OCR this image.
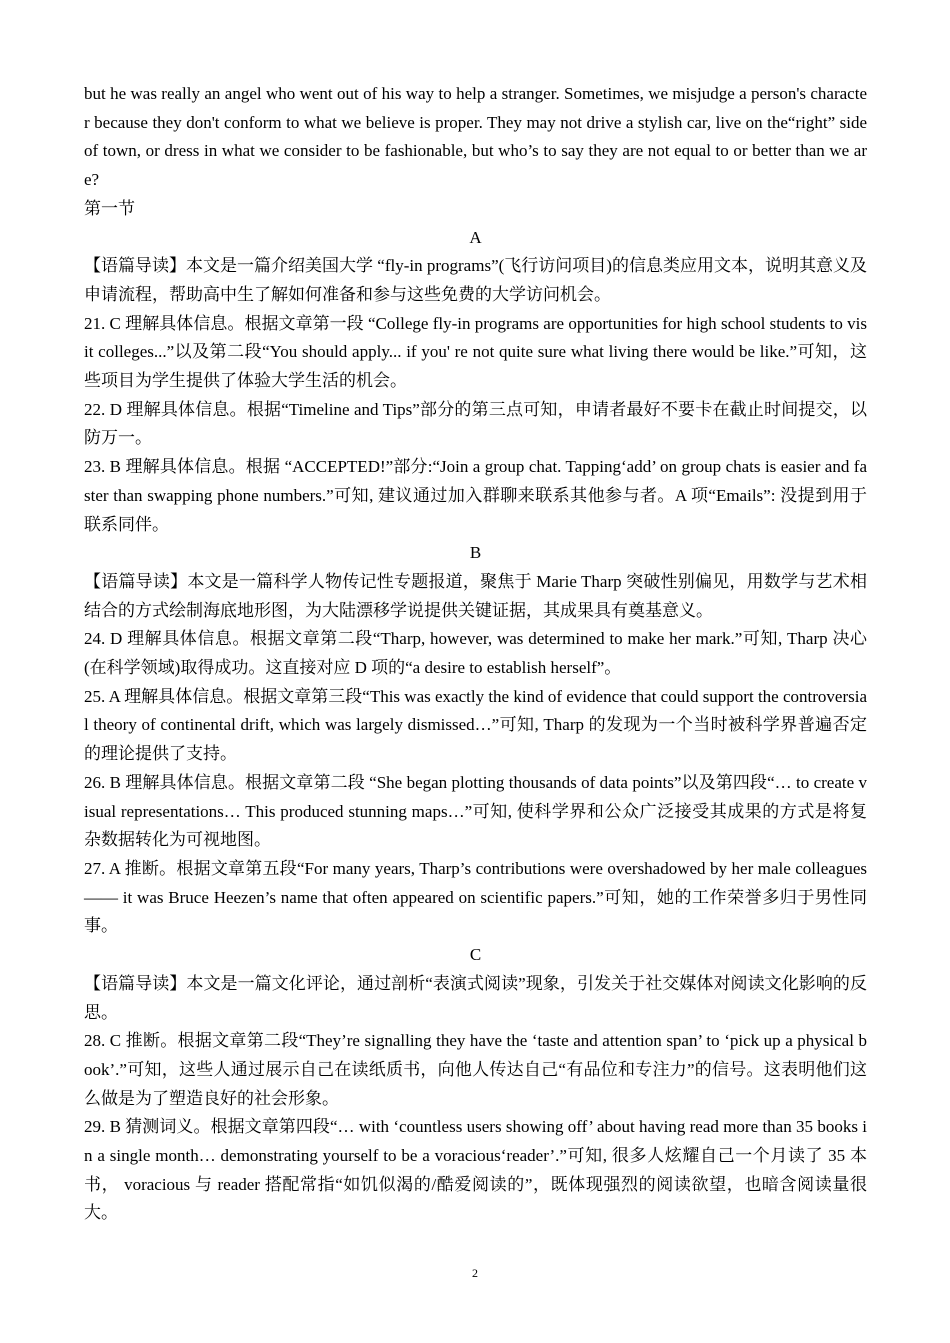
but he was really an angel who went out of his way to help a stranger. Sometimes, we misjudge a person's character because they don't conform to what we believe is proper. They may not drive a stylish car, live on the“right” side of town, or dress in what we consider to be fashionable, but who’s to say they are not equal to or better than we are?

第一节

A

【语篇导读】本文是一篇介绍美国大学 “fly-in programs”(飞行访问项目)的信息类应用文本，说明其意义及申请流程，帮助高中生了解如何准备和参与这些免费的大学访问机会。

21. C 理解具体信息。根据文章第一段 “College fly-in programs are opportunities for high school students to visit colleges...”以及第二段“You should apply... if you' re not quite sure what living there would be like.”可知，这些项目为学生提供了体验大学生活的机会。

22. D 理解具体信息。根据“Timeline and Tips”部分的第三点可知，申请者最好不要卡在截止时间提交，以防万一。

23. B 理解具体信息。根据 “ACCEPTED!”部分:“Join a group chat. Tapping‘add’ on group chats is easier and faster than swapping phone numbers.”可知, 建议通过加入群聊来联系其他参与者。A 项“Emails”: 没提到用于联系同伴。

B

【语篇导读】本文是一篇科学人物传记性专题报道，聚焦于 Marie Tharp 突破性别偏见，用数学与艺术相结合的方式绘制海底地形图，为大陆漂移学说提供关键证据，其成果具有奠基意义。

24. D 理解具体信息。根据文章第二段“Tharp, however, was determined to make her mark.”可知, Tharp 决心(在科学领域)取得成功。这直接对应 D 项的“a desire to establish herself”。

25. A 理解具体信息。根据文章第三段“This was exactly the kind of evidence that could support the controversial theory of continental drift, which was largely dismissed…”可知, Tharp 的发现为一个当时被科学界普遍否定的理论提供了支持。

26. B 理解具体信息。根据文章第二段 “She began plotting thousands of data points”以及第四段“… to create visual representations… This produced stunning maps…”可知, 使科学界和公众广泛接受其成果的方式是将复杂数据转化为可视地图。

27. A 推断。根据文章第五段“For many years, Tharp’s contributions were overshadowed by her male colleagues —— it was Bruce Heezen’s name that often appeared on scientific papers.”可知，她的工作荣誉多归于男性同事。

C

【语篇导读】本文是一篇文化评论，通过剖析“表演式阅读”现象，引发关于社交媒体对阅读文化影响的反思。

28. C 推断。根据文章第二段“They’re signalling they have the ‘taste and attention span’ to ‘pick up a physical book’.”可知，这些人通过展示自己在读纸质书，向他人传达自己“有品位和专注力”的信号。这表明他们这么做是为了塑造良好的社会形象。

29. B 猜测词义。根据文章第四段“… with ‘countless users showing off’ about having read more than 35 books in a single month… demonstrating yourself to be a voracious‘reader’.”可知, 很多人炫耀自己一个月读了 35 本书， voracious 与 reader 搭配常指“如饥似渴的/酷爱阅读的”，既体现强烈的阅读欲望，也暗含阅读量很大。

2
